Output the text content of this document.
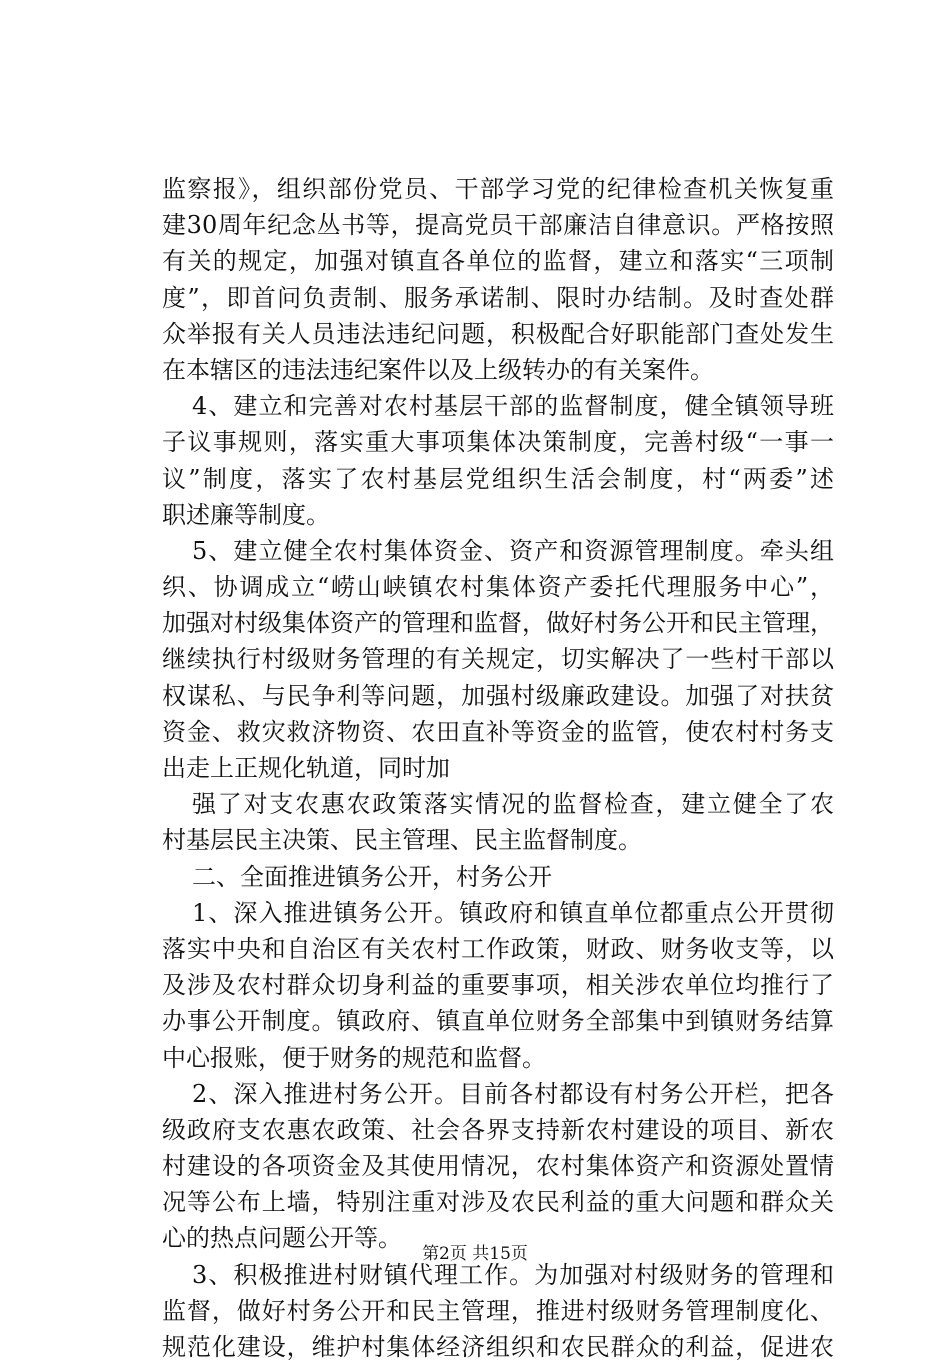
监察报》，组织部份党员、干部学习党的纪律检查机关恢复重
建30周年纪念丛书等，提高党员干部廉洁自律意识。严格按照
有关的规定，加强对镇直各单位的监督，建立和落实“三项制
度”，即首问负责制、服务承诺制、限时办结制。及时查处群
众举报有关人员违法违纪问题，积极配合好职能部门查处发生
在本辖区的违法违纪案件以及上级转办的有关案件。
4、建立和完善对农村基层干部的监督制度，健全镇领导班
子议事规则，落实重大事项集体决策制度，完善村级“一事一
议”制度，落实了农村基层党组织生活会制度，村“两委”述
职述廉等制度。
5、建立健全农村集体资金、资产和资源管理制度。牵头组
织、协调成立“崂山峡镇农村集体资产委托代理服务中心”，
加强对村级集体资产的管理和监督，做好村务公开和民主管理，
继续执行村级财务管理的有关规定，切实解决了一些村干部以
权谋私、与民争利等问题，加强村级廉政建设。加强了对扶贫
资金、救灾救济物资、农田直补等资金的监管，使农村村务支
出走上正规化轨道，同时加
强了对支农惠农政策落实情况的监督检查，建立健全了农
村基层民主决策、民主管理、民主监督制度。
二、全面推进镇务公开，村务公开
1、深入推进镇务公开。镇政府和镇直单位都重点公开贯彻
落实中央和自治区有关农村工作政策，财政、财务收支等，以
及涉及农村群众切身利益的重要事项，相关涉农单位均推行了
办事公开制度。镇政府、镇直单位财务全部集中到镇财务结算
中心报账，便于财务的规范和监督。
2、深入推进村务公开。目前各村都设有村务公开栏，把各
级政府支农惠农政策、社会各界支持新农村建设的项目、新农
村建设的各项资金及其使用情况，农村集体资产和资源处置情
况等公布上墙，特别注重对涉及农民利益的重大问题和群众关
心的热点问题公开等。
3、积极推进村财镇代理工作。为加强对村级财务的管理和
监督，做好村务公开和民主管理，推进村级财务管理制度化、
规范化建设，维护村集体经济组织和农民群众的利益，促进农
第2页 共15页
